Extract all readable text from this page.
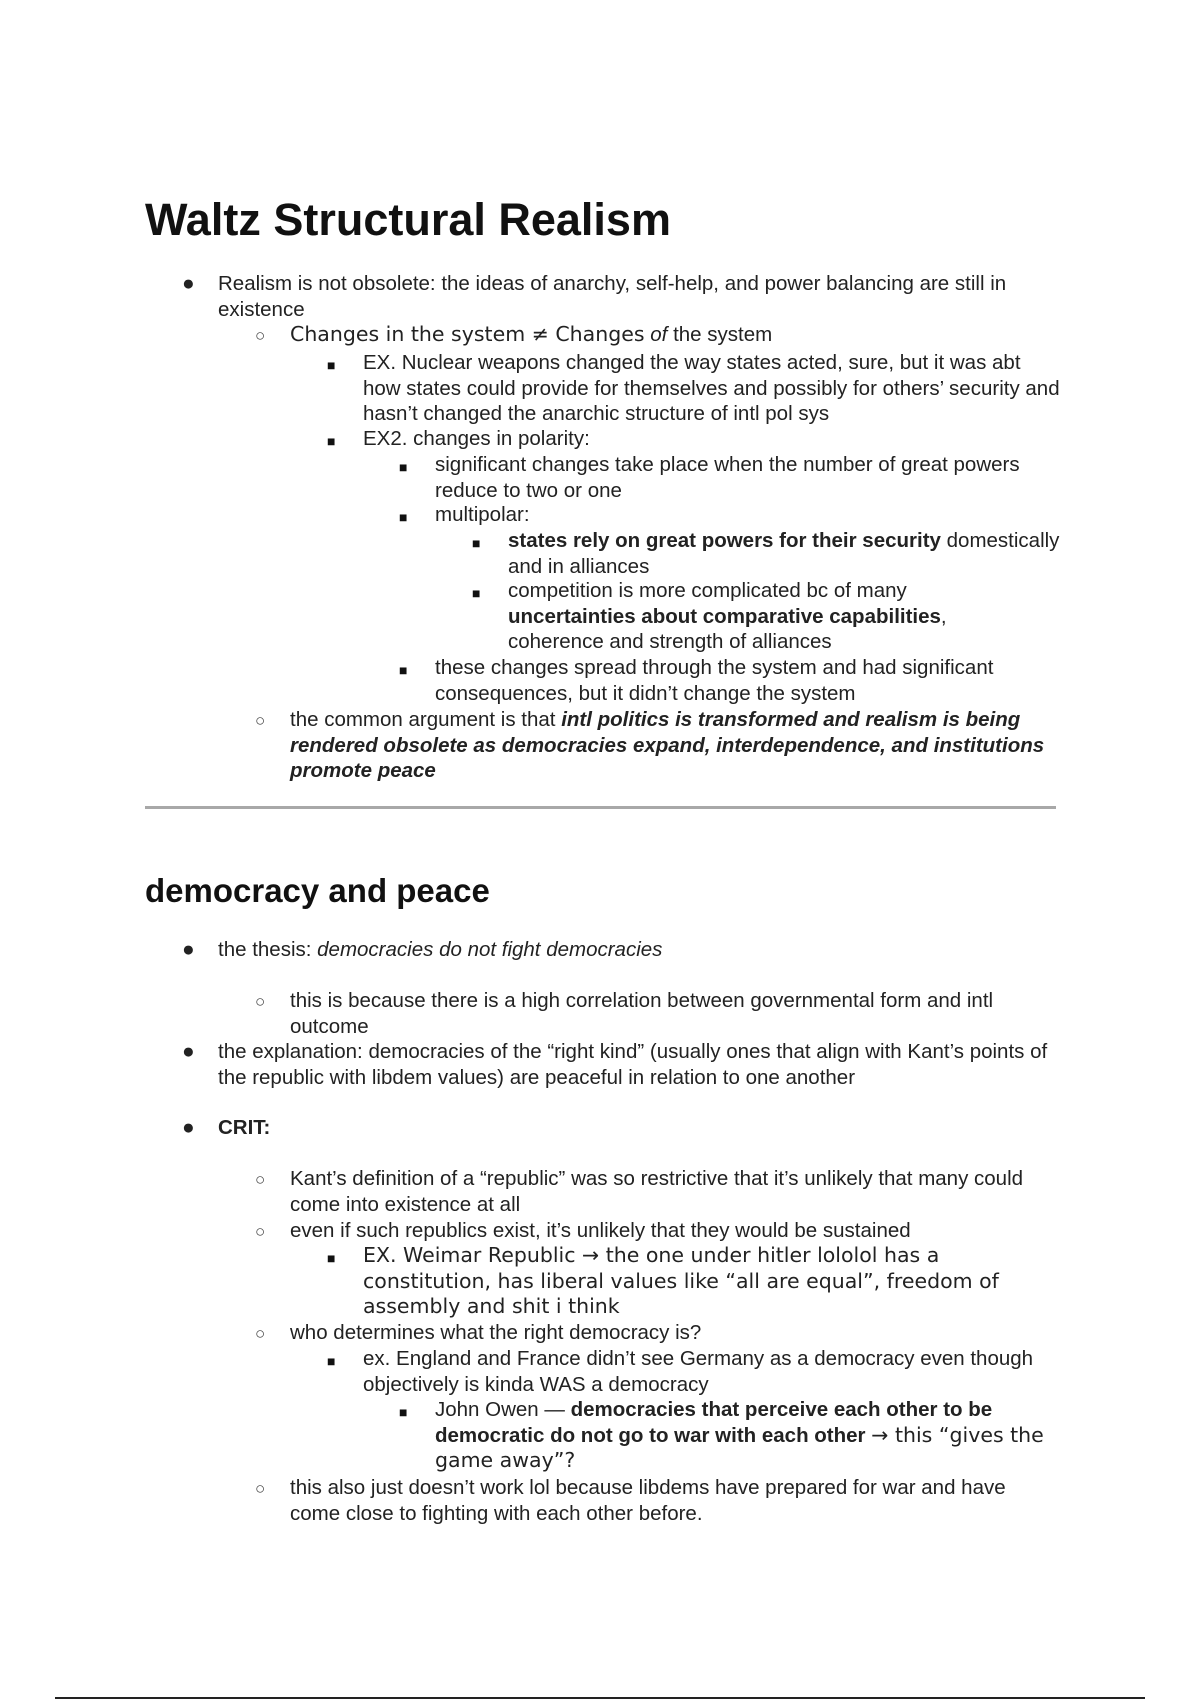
Waltz Structural Realism

● Realism is not obsolete: the ideas of anarchy, self-help, and power balancing are still in existence

○ Changes in the system ≠ Changes of the system

■ EX. Nuclear weapons changed the way states acted, sure, but it was abt how states could provide for themselves and possibly for others’ security and hasn’t changed the anarchic structure of intl pol sys

■ EX2. changes in polarity:

■ significant changes take place when the number of great powers reduce to two or one

■ multipolar:

■ states rely on great powers for their security domestically and in alliances

■ competition is more complicated bc of many uncertainties about comparative capabilities, coherence and strength of alliances

■ these changes spread through the system and had significant consequences, but it didn’t change the system

○ the common argument is that intl politics is transformed and realism is being rendered obsolete as democracies expand, interdependence, and institutions promote peace

democracy and peace

● the thesis: democracies do not fight democracies

○ this is because there is a high correlation between governmental form and intl outcome

● the explanation: democracies of the “right kind” (usually ones that align with Kant’s points of the republic with libdem values) are peaceful in relation to one another

● CRIT:

○ Kant’s definition of a “republic” was so restrictive that it’s unlikely that many could come into existence at all

○ even if such republics exist, it’s unlikely that they would be sustained

■ EX. Weimar Republic → the one under hitler lololol has a constitution, has liberal values like “all are equal”, freedom of assembly and shit i think

○ who determines what the right democracy is?

■ ex. England and France didn’t see Germany as a democracy even though objectively is kinda WAS a democracy

■ John Owen — democracies that perceive each other to be democratic do not go to war with each other → this “gives the game away”?

○ this also just doesn’t work lol because libdems have prepared for war and have come close to fighting with each other before.
